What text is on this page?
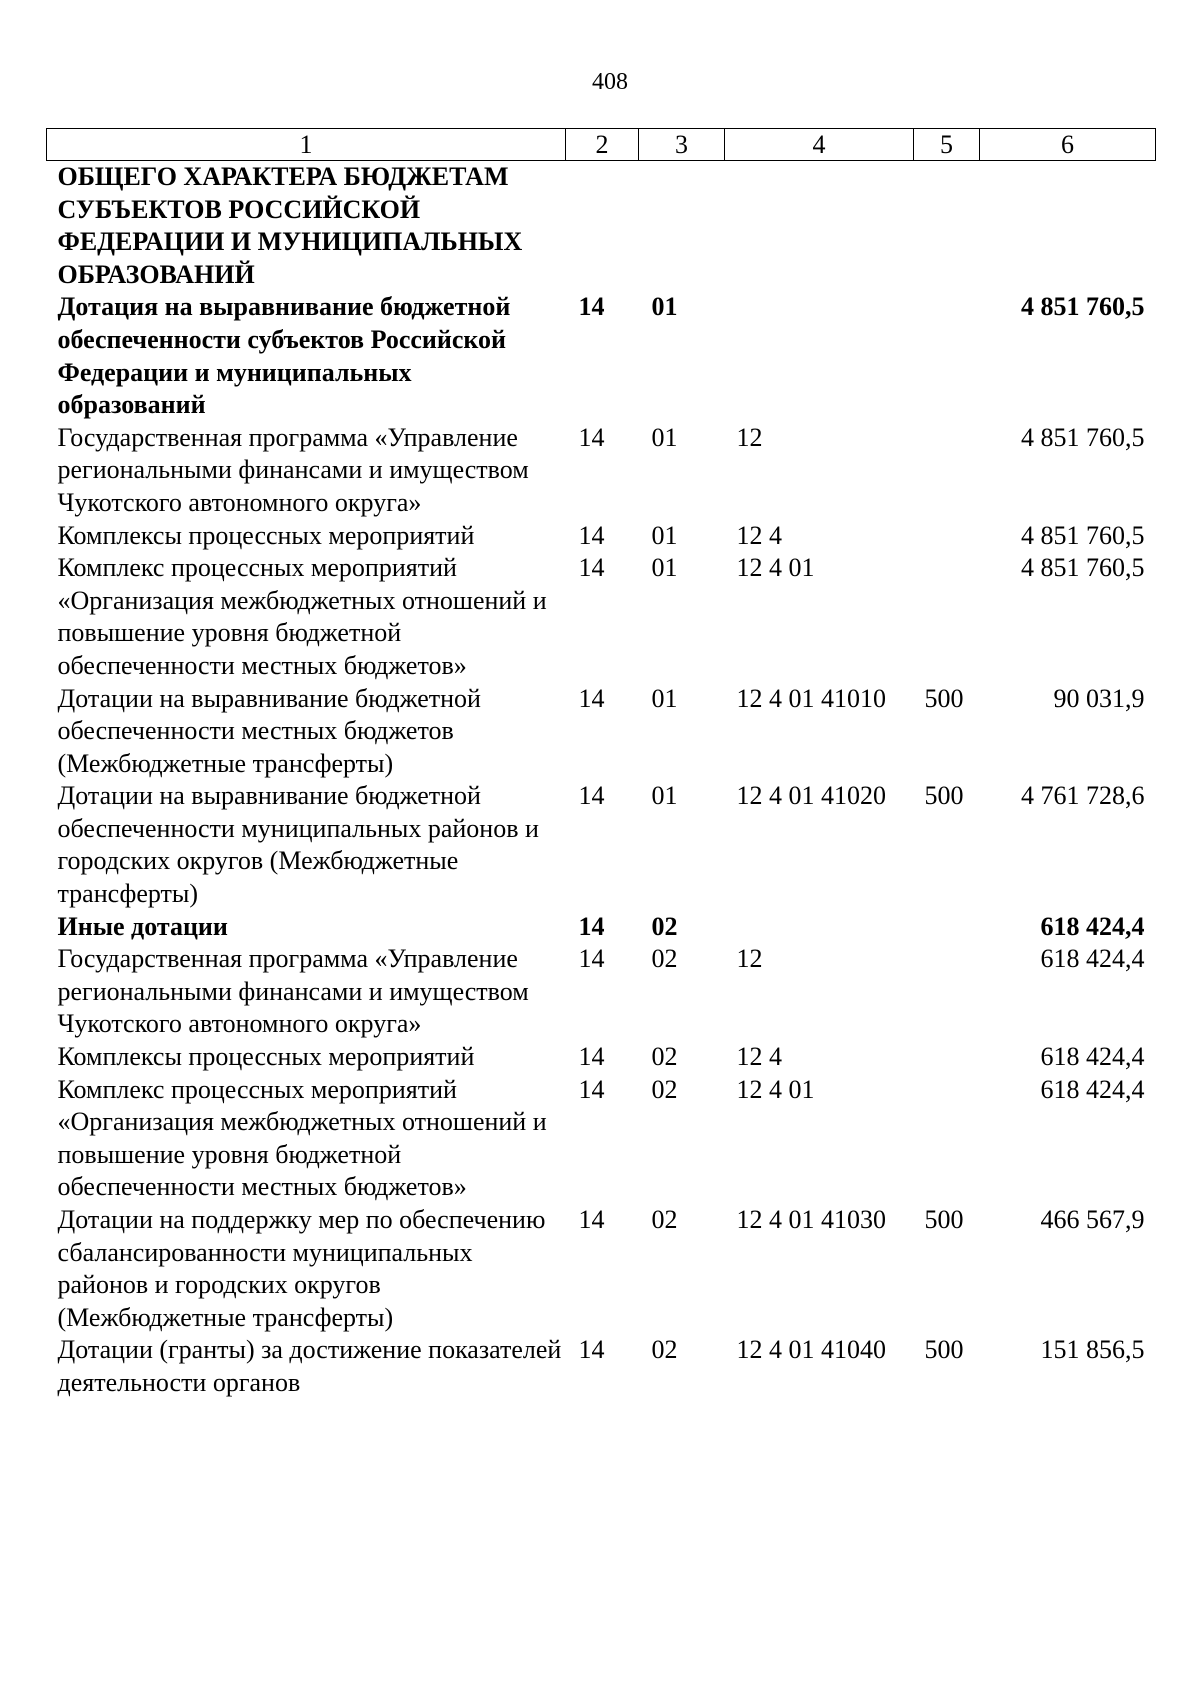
408
1	2	3	4	5	6
ОБЩЕГО ХАРАКТЕРА БЮДЖЕТАМ СУБЪЕКТОВ РОССИЙСКОЙ ФЕДЕРАЦИИ И МУНИЦИПАЛЬНЫХ ОБРАЗОВАНИЙ					
Дотация на выравнивание бюджетной обеспеченности субъектов Российской Федерации и муниципальных образований	14	01			4 851 760,5
Государственная программа «Управление региональными финансами и имуществом Чукотского автономного округа»	14	01	12		4 851 760,5
Комплексы процессных мероприятий	14	01	12 4		4 851 760,5
Комплекс процессных мероприятий «Организация межбюджетных отношений и повышение уровня бюджетной обеспеченности местных бюджетов»	14	01	12 4 01		4 851 760,5
Дотации на выравнивание бюджетной обеспеченности местных бюджетов (Межбюджетные трансферты)	14	01	12 4 01 41010	500	90 031,9
Дотации на выравнивание бюджетной обеспеченности муниципальных районов и городских округов (Межбюджетные трансферты)	14	01	12 4 01 41020	500	4 761 728,6
Иные дотации	14	02			618 424,4
Государственная программа «Управление региональными финансами и имуществом Чукотского автономного округа»	14	02	12		618 424,4
Комплексы процессных мероприятий	14	02	12 4		618 424,4
Комплекс процессных мероприятий «Организация межбюджетных отношений и повышение уровня бюджетной обеспеченности местных бюджетов»	14	02	12 4 01		618 424,4
Дотации на поддержку мер по обеспечению сбалансированности муниципальных районов и городских округов (Межбюджетные трансферты)	14	02	12 4 01 41030	500	466 567,9
Дотации (гранты) за достижение показателей деятельности органов	14	02	12 4 01 41040	500	151 856,5
